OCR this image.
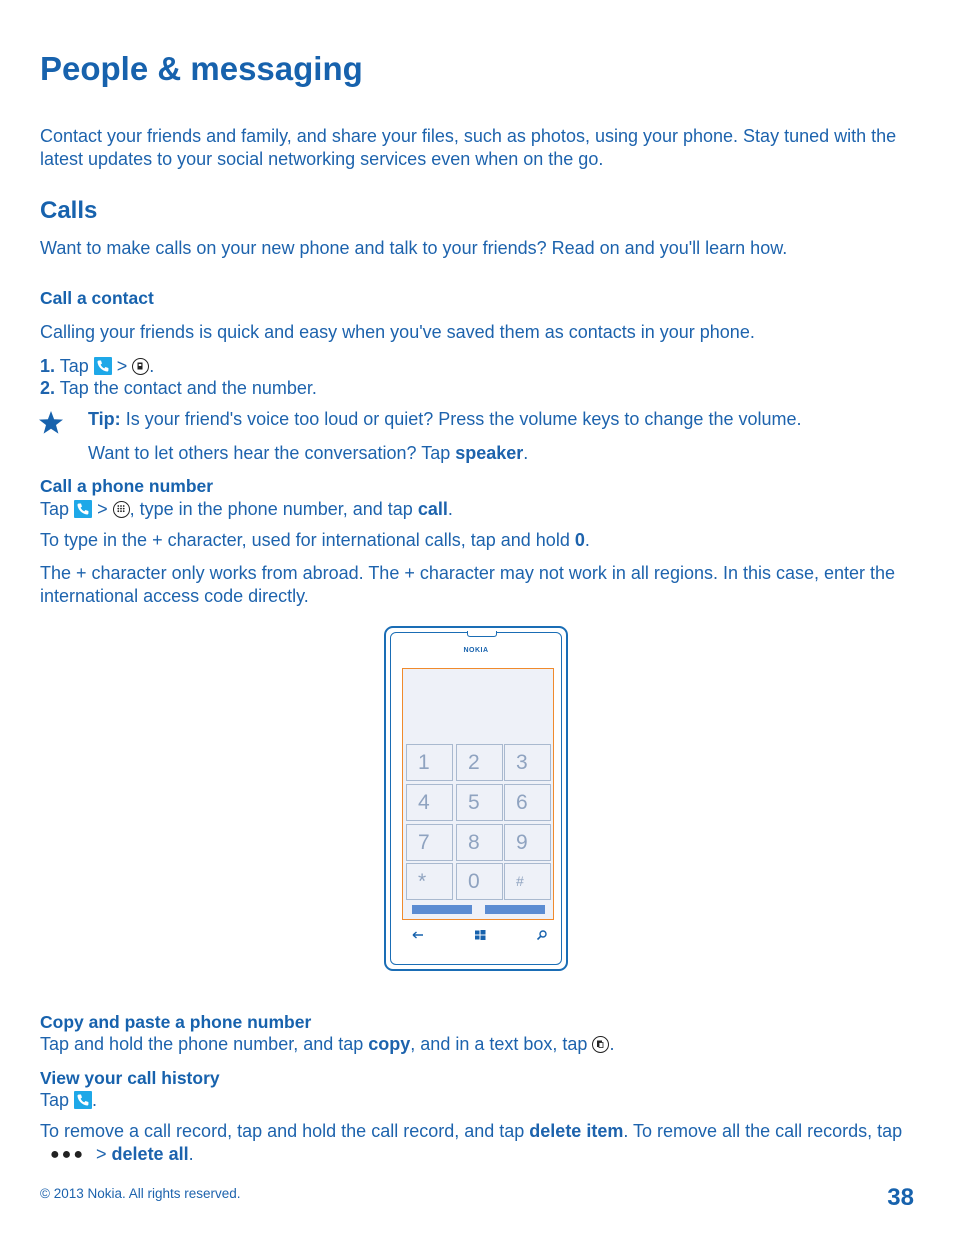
People & messaging

Contact your friends and family, and share your files, such as photos, using your phone. Stay tuned with the latest updates to your social networking services even when on the go.

Calls

Want to make calls on your new phone and talk to your friends? Read on and you'll learn how.

Call a contact

Calling your friends is quick and easy when you've saved them as contacts in your phone.

1. Tap > .
2. Tap the contact and the number.
Tip: Is your friend's voice too loud or quiet? Press the volume keys to change the volume.
Want to let others hear the conversation? Tap speaker.
Call a phone number
Tap > , type in the phone number, and tap call.
To type in the + character, used for international calls, tap and hold 0.

The + character only works from abroad. The + character may not work in all regions. In this case, enter the international access code directly.

NOKIA
1	2	3
4	5	6
7	8	9
*	0	#
Copy and paste a phone number
Tap and hold the phone number, and tap copy, and in a text box, tap .
View your call history
Tap .
To remove a call record, tap and hold the call record, and tap delete item. To remove all the call records, tap ●●● > delete all.

© 2013 Nokia. All rights reserved.	38
